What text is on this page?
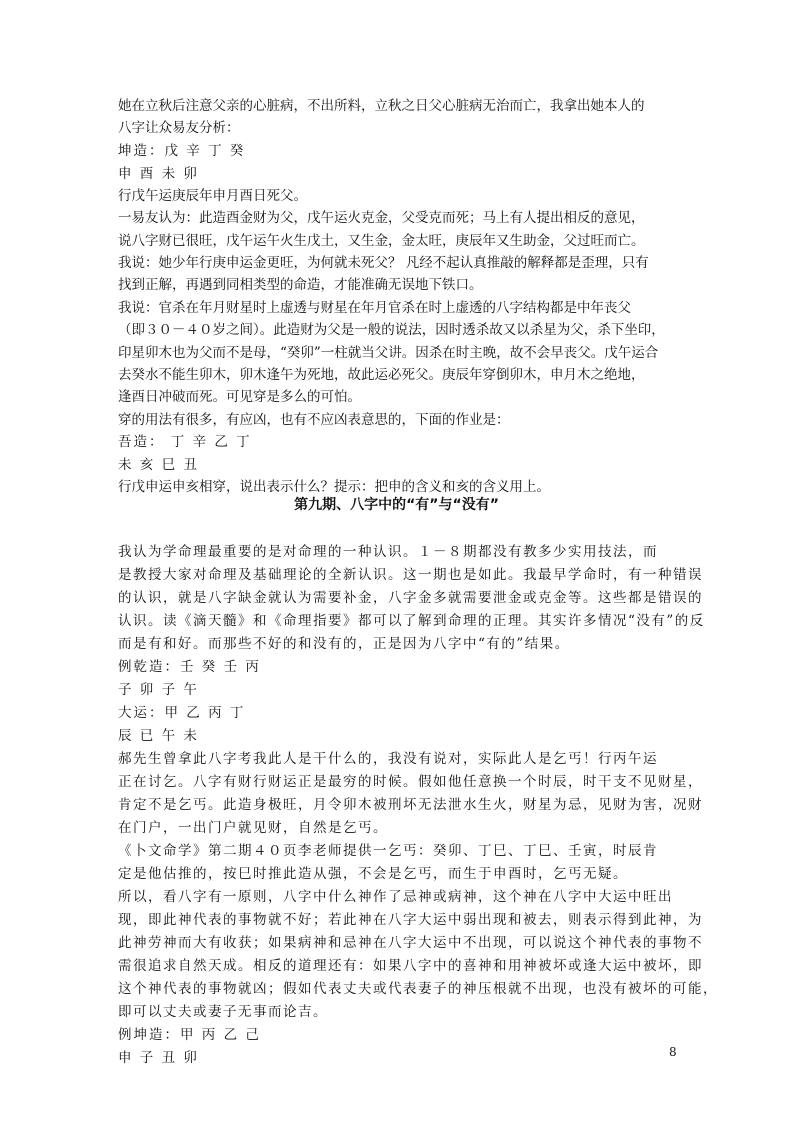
她在立秋后注意父亲的心脏病，不出所料，立秋之日父心脏病无治而亡，我拿出她本人的
八字让众易友分析：
坤造：戊 辛 丁 癸
申 酉 未 卯
行戊午运庚辰年申月酉日死父。
一易友认为：此造酉金财为父，戊午运火克金，父受克而死；马上有人提出相反的意见，
说八字财已很旺，戊午运午火生戊土，又生金，金太旺，庚辰年又生助金，父过旺而亡。
我说：她少年行庚申运金更旺，为何就未死父？ 凡经不起认真推敲的解释都是歪理，只有
找到正解，再遇到同相类型的命造，才能准确无误地下铁口。
我说：官杀在年月财星时上虚透与财星在年月官杀在时上虚透的八字结构都是中年丧父
（即３０－４０岁之间）。此造财为父是一般的说法，因时透杀故又以杀星为父，杀下坐印，
印星卯木也为父而不是母，“癸卯”一柱就当父讲。因杀在时主晚，故不会早丧父。戊午运合
去癸水不能生卯木，卯木逢午为死地，故此运必死父。庚辰年穿倒卯木，申月木之绝地，
逢酉日冲破而死。可见穿是多么的可怕。
穿的用法有很多，有应凶，也有不应凶表意思的，下面的作业是：
吾造： 丁 辛 乙 丁
未 亥 巳 丑
行戊申运申亥相穿，说出表示什么？提示：把申的含义和亥的含义用上。
第九期、八字中的“有”与“没有”
我认为学命理最重要的是对命理的一种认识。１－８期都没有教多少实用技法，而
是教授大家对命理及基础理论的全新认识。这一期也是如此。我最早学命时，有一种错误
的认识，就是八字缺金就认为需要补金，八字金多就需要泄金或克金等。这些都是错误的
认识。读《滴天髓》和《命理指要》都可以了解到命理的正理。其实许多情况“没有”的反
而是有和好。而那些不好的和没有的，正是因为八字中“有的”结果。
例乾造：壬 癸 壬 丙
子 卯 子 午
大运：甲 乙 丙 丁
辰 已 午 未
郝先生曾拿此八字考我此人是干什么的，我没有说对，实际此人是乞丐！行丙午运
正在讨乞。八字有财行财运正是最穷的时候。假如他任意换一个时辰，时干支不见财星，
肯定不是乞丐。此造身极旺，月令卯木被刑坏无法泄水生火，财星为忌，见财为害，况财
在门户，一出门户就见财，自然是乞丐。
《卜文命学》第二期４０页李老师提供一乞丐：癸卯、丁巳、丁巳、壬寅，时辰肯
定是他估推的，按巳时推此造从强，不会是乞丐，而生于申酉时，乞丐无疑。
所以，看八字有一原则，八字中什么神作了忌神或病神，这个神在八字中大运中旺出
现，即此神代表的事物就不好；若此神在八字大运中弱出现和被去，则表示得到此神，为
此神劳神而大有收获；如果病神和忌神在八字大运中不出现，可以说这个神代表的事物不
需很追求自然天成。相反的道理还有：如果八字中的喜神和用神被坏或逢大运中被坏，即
这个神代表的事物就凶；假如代表丈夫或代表妻子的神压根就不出现，也没有被坏的可能，
即可以丈夫或妻子无事而论吉。
例坤造：甲 丙 乙 己
申 子 丑 卯	8
